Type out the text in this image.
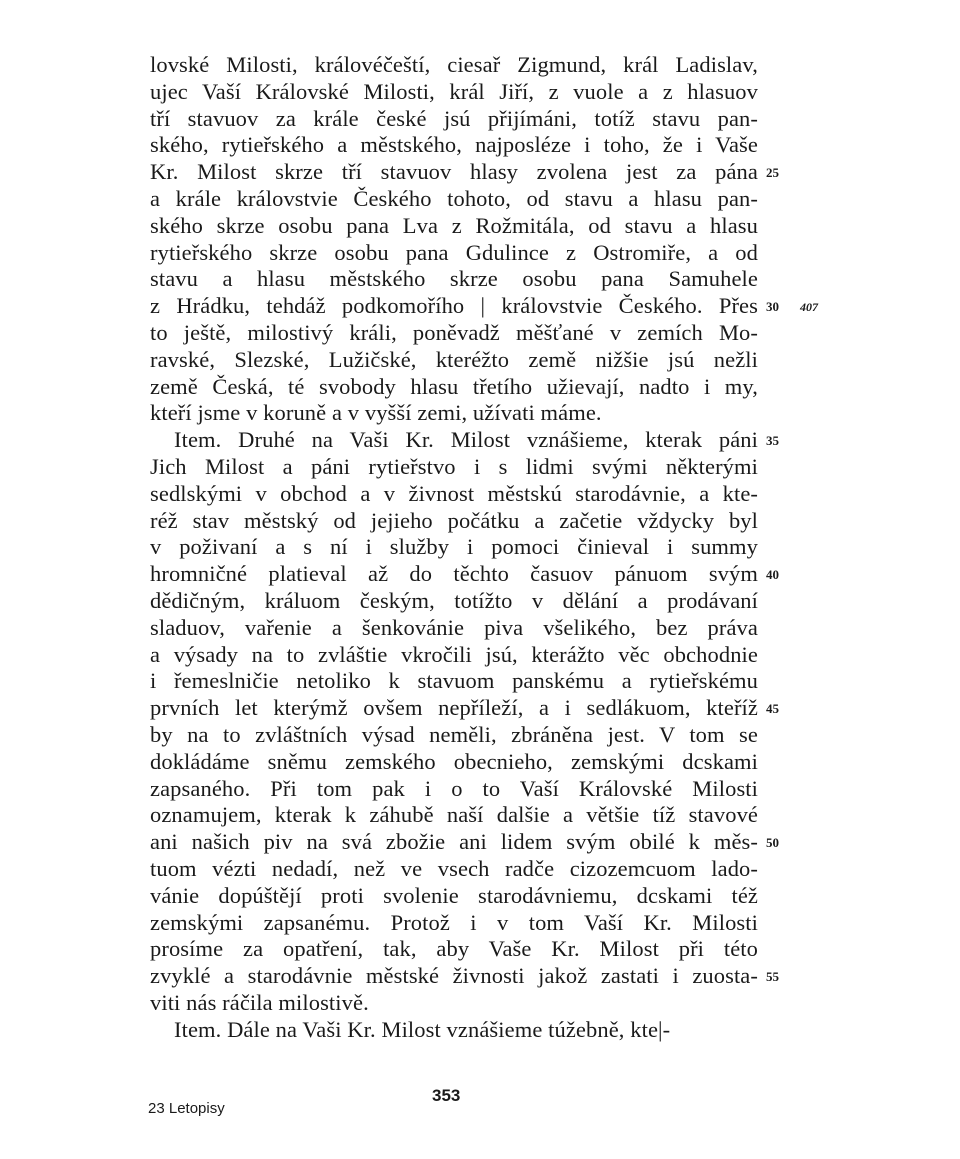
lovské Milosti, královéčeští, ciesař Zigmund, král Ladislav,
ujec Vaší Královské Milosti, král Jiří, z vuole a z hlasuov
tří stavuov za krále české jsú přijímáni, totíž stavu pan-
ského, rytieřského a městského, najposléze i toho, že i Vaše
Kr. Milost skrze tří stavuov hlasy zvolena jest za pána
a krále královstvie Českého tohoto, od stavu a hlasu pan-
ského skrze osobu pana Lva z Rožmitála, od stavu a hlasu
rytieřského skrze osobu pana Gdulince z Ostromiře, a od
stavu a hlasu městského skrze osobu pana Samuhele
z Hrádku, tehdáž podkomořího | královstvie Českého. Přes
to ještě, milostivý králi, poněvadž měšťané v zemích Mo-
ravské, Slezské, Lužičské, kteréžto země nižšie jsú nežli
země Česká, té svobody hlasu třetího užievají, nadto i my,
kteří jsme v koruně a v vyšší zemi, užívati máme.
Item. Druhé na Vaši Kr. Milost vznášieme, kterak páni
Jich Milost a páni rytieřstvo i s lidmi svými některými
sedlskými v obchod a v živnost městskú starodávnie, a kte-
réž stav městský od jejieho počátku a začetie vždycky byl
v poživaní a s ní i služby i pomoci činieval i summy
hromničné platieval až do těchto časuov pánuom svým
dědičným, králuom českým, totížto v dělání a prodávaní
sladuov, vařenie a šenkovánie piva všelikého, bez práva
a výsady na to zvláštie vkročili jsú, kterážto věc obchodnie
i řemeslničie netoliko k stavuom panskému a rytieřskému
prvních let kterýmž ovšem nepříleží, a i sedlákuom, kteříž
by na to zvláštních výsad neměli, zbráněna jest. V tom se
dokládáme sněmu zemského obecnieho, zemskými dcskami
zapsaného. Při tom pak i o to Vaší Královské Milosti
oznamujem, kterak k záhubě naší dalšie a většie tíž stavové
ani našich piv na svá zbožie ani lidem svým obilé k měs-
tuom vézti nedadí, než ve vsech radče cizozemcuom lado-
vánie dopúštějí proti svolenie starodávniemu, dcskami též
zemskými zapsanému. Protož i v tom Vaší Kr. Milosti
prosíme za opatření, tak, aby Vaše Kr. Milost při této
zvyklé a starodávnie městské živnosti jakož zastati i zuosta-
viti nás ráčila milostivě.
Item. Dále na Vaši Kr. Milost vznášieme túžebně, kte|-
25
30
35
40
45
50
55
407
23 Letopisy
353
